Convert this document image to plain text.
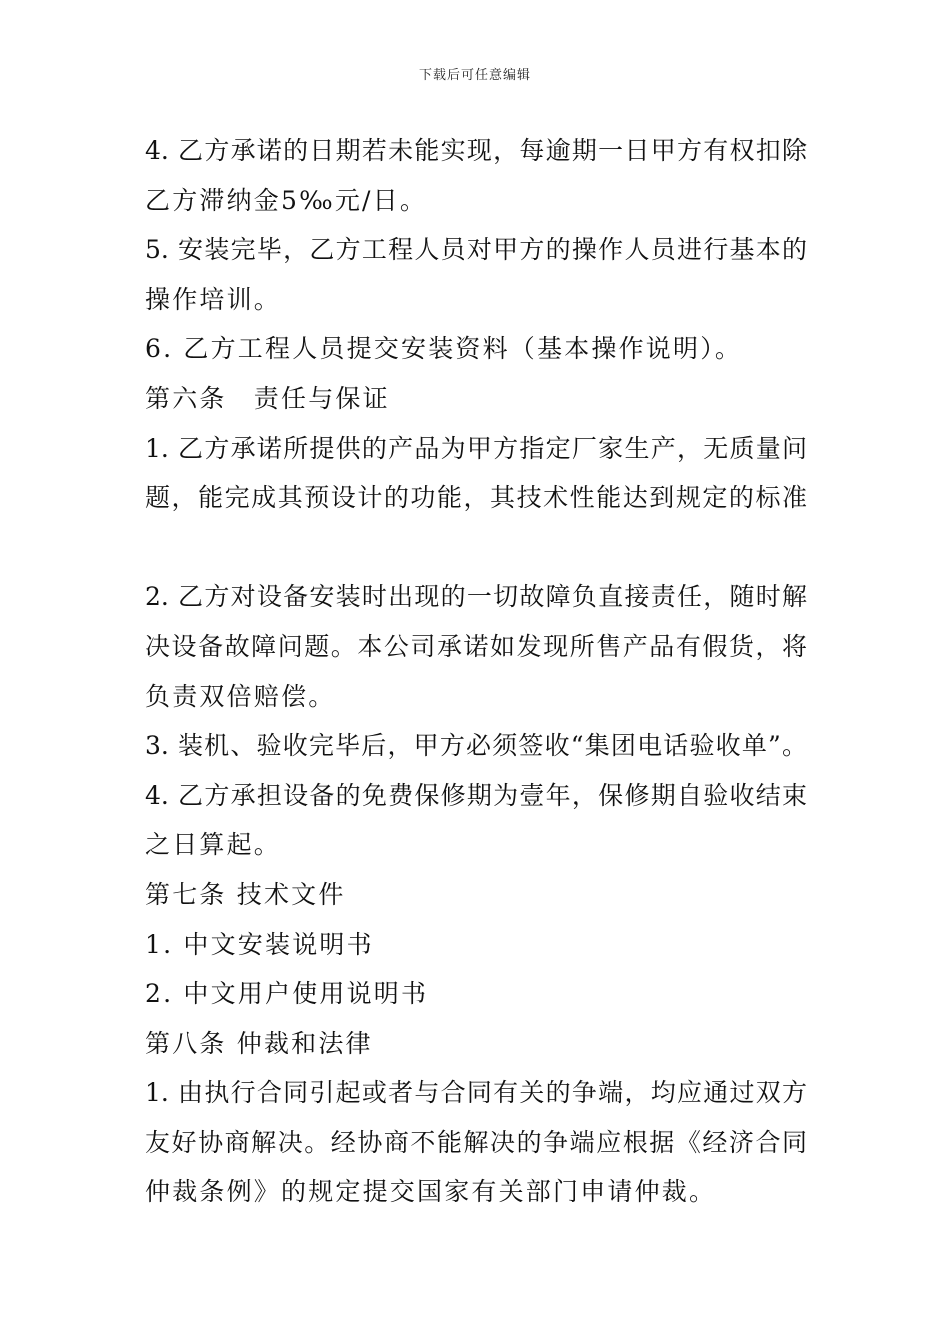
下载后可任意编辑
4. 乙方承诺的日期若未能实现，每逾期一日甲方有权扣除
乙方滞纳金5‰元/日。
5. 安装完毕，乙方工程人员对甲方的操作人员进行基本的
操作培训。
6. 乙方工程人员提交安装资料（基本操作说明）。
第六条　责任与保证
1. 乙方承诺所提供的产品为甲方指定厂家生产，无质量问
题，能完成其预设计的功能，其技术性能达到规定的标准
2. 乙方对设备安装时出现的一切故障负直接责任，随时解
决设备故障问题。本公司承诺如发现所售产品有假货，将
负责双倍赔偿。
3. 装机、验收完毕后，甲方必须签收“集团电话验收单”。
4. 乙方承担设备的免费保修期为壹年，保修期自验收结束
之日算起。
第七条 技术文件
1. 中文安装说明书
2. 中文用户使用说明书
第八条 仲裁和法律
1. 由执行合同引起或者与合同有关的争端，均应通过双方
友好协商解决。经协商不能解决的争端应根据《经济合同
仲裁条例》的规定提交国家有关部门申请仲裁。
